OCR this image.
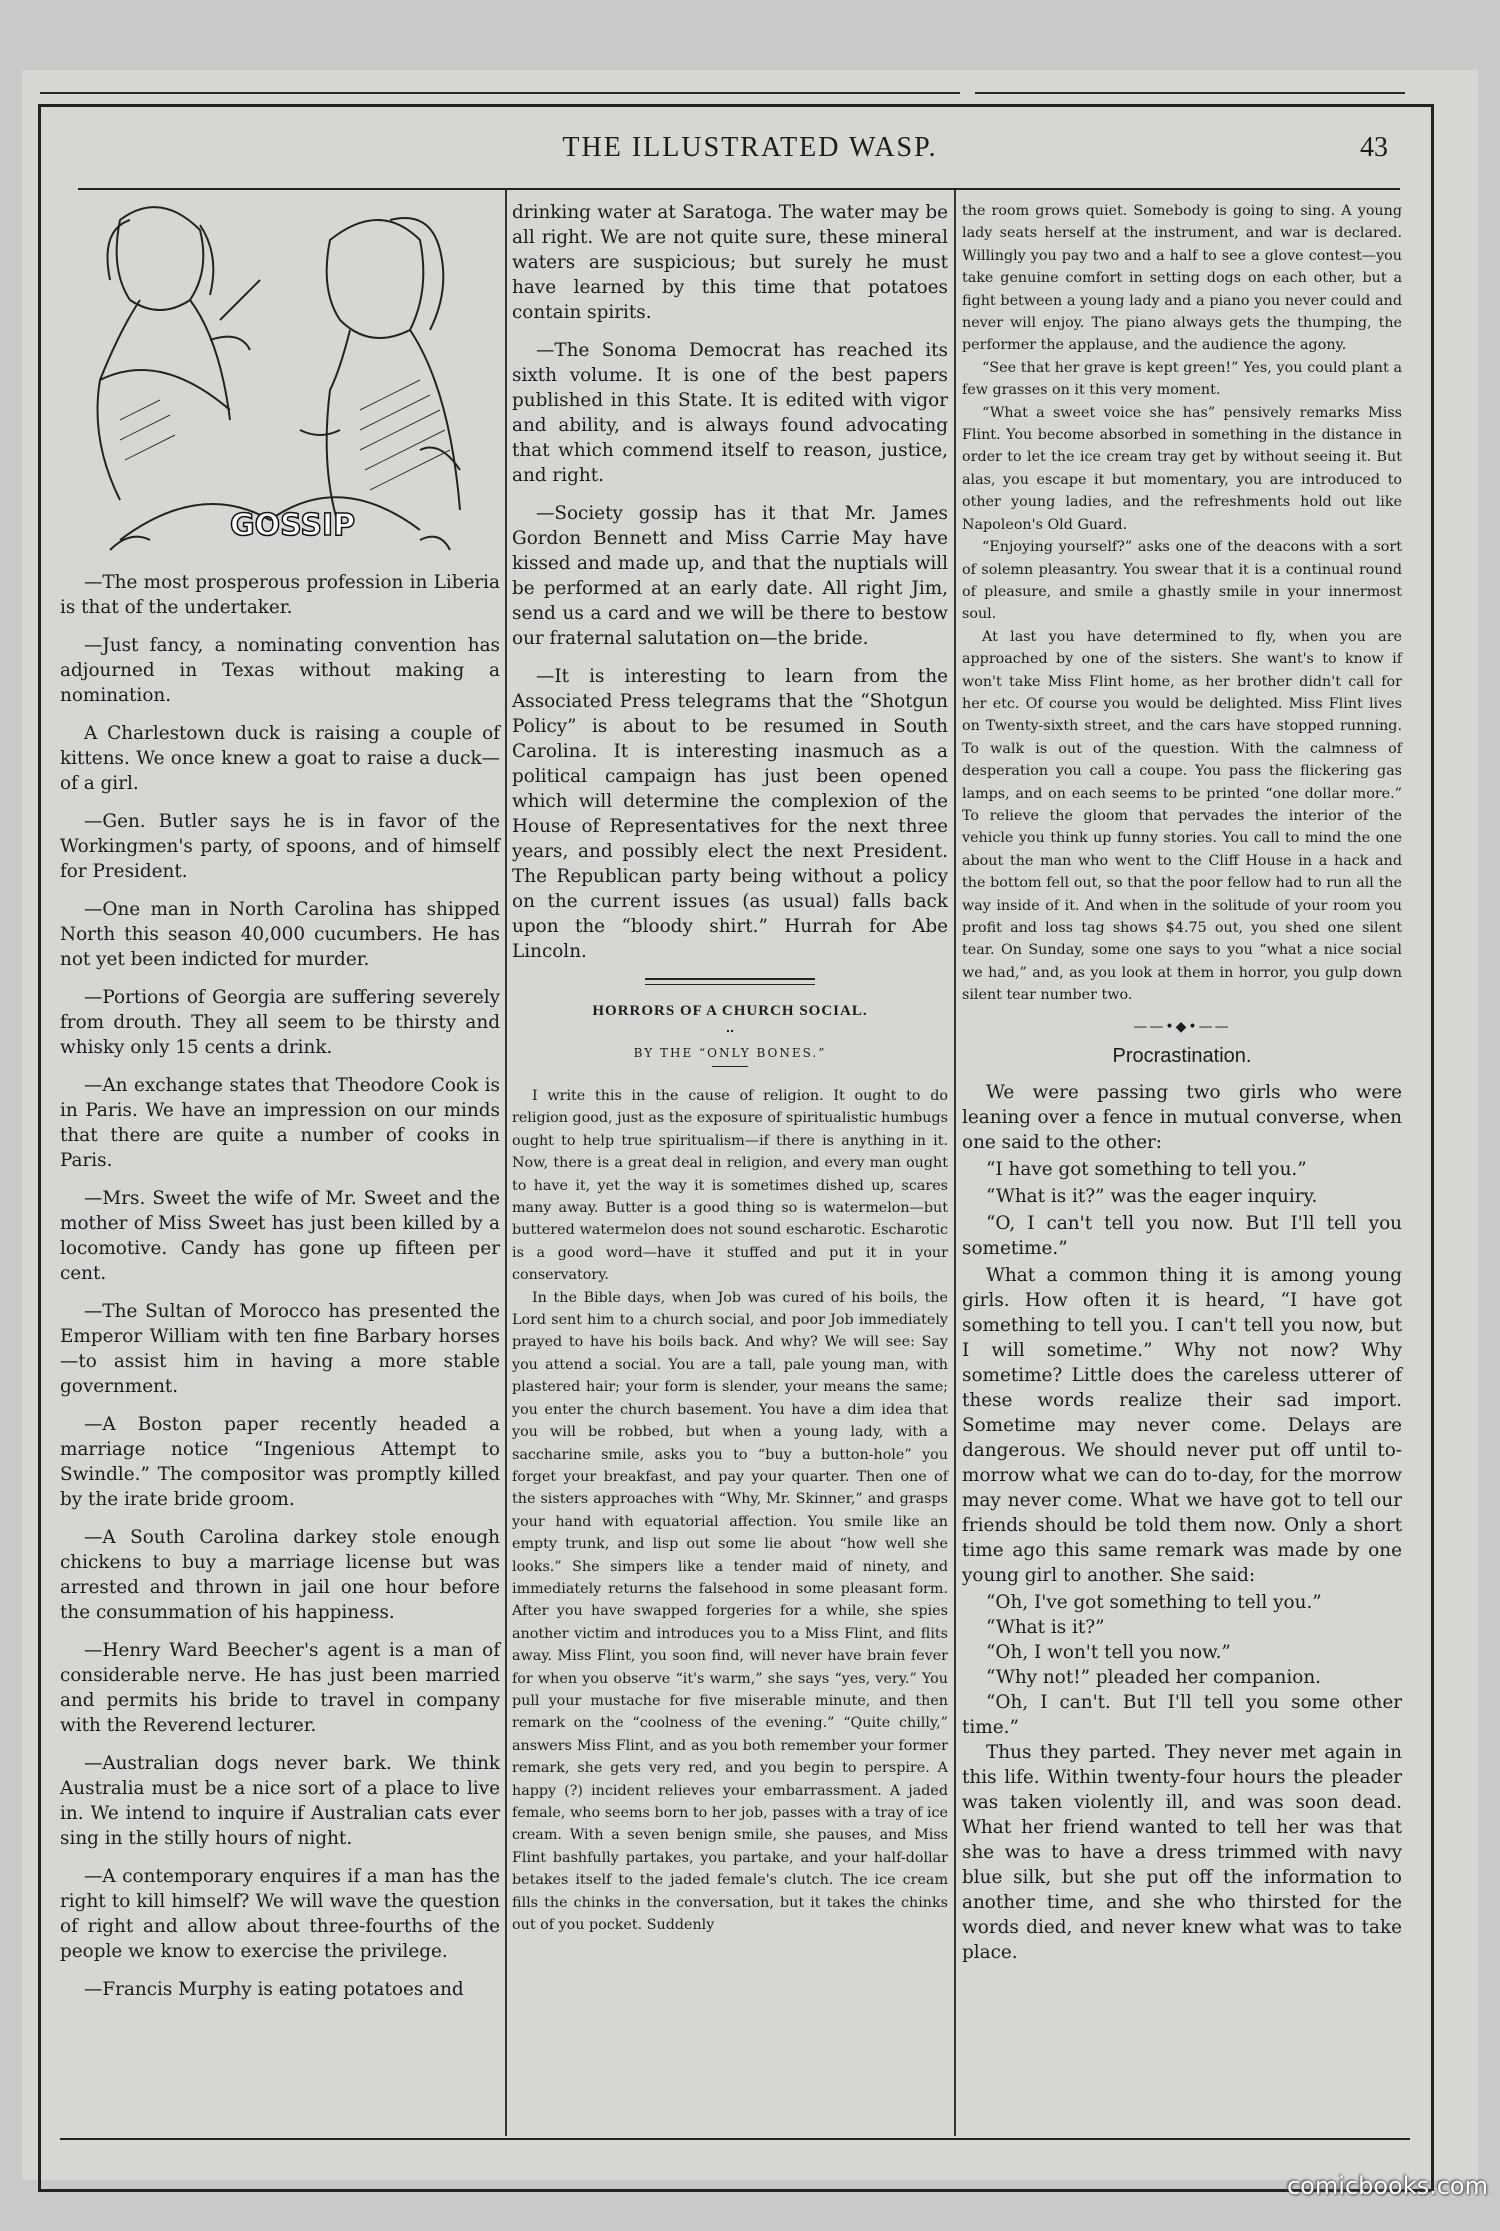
THE ILLUSTRATED WASP.	43
GOSSIP

—The most prosperous profession in Liberia is that of the undertaker.

—Just fancy, a nominating convention has adjourned in Texas without making a nomination.

A Charlestown duck is raising a couple of kittens. We once knew a goat to raise a duck—of a girl.

—Gen. Butler says he is in favor of the Workingmen's party, of spoons, and of himself for President.

—One man in North Carolina has shipped North this season 40,000 cucumbers. He has not yet been indicted for murder.

—Portions of Georgia are suffering severely from drouth. They all seem to be thirsty and whisky only 15 cents a drink.

—An exchange states that Theodore Cook is in Paris. We have an impression on our minds that there are quite a number of cooks in Paris.

—Mrs. Sweet the wife of Mr. Sweet and the mother of Miss Sweet has just been killed by a locomotive. Candy has gone up fifteen per cent.

—The Sultan of Morocco has presented the Emperor William with ten fine Barbary horses—to assist him in having a more stable government.

—A Boston paper recently headed a marriage notice “Ingenious Attempt to Swindle.” The compositor was promptly killed by the irate bride groom.

—A South Carolina darkey stole enough chickens to buy a marriage license but was arrested and thrown in jail one hour before the consummation of his happiness.

—Henry Ward Beecher's agent is a man of considerable nerve. He has just been married and permits his bride to travel in company with the Reverend lecturer.

—Australian dogs never bark. We think Australia must be a nice sort of a place to live in. We intend to inquire if Australian cats ever sing in the stilly hours of night.

—A contemporary enquires if a man has the right to kill himself? We will wave the question of right and allow about three-fourths of the people we know to exercise the privilege.

—Francis Murphy is eating potatoes and

drinking water at Saratoga. The water may be all right. We are not quite sure, these mineral waters are suspicious; but surely he must have learned by this time that potatoes contain spirits.

—The Sonoma Democrat has reached its sixth volume. It is one of the best papers published in this State. It is edited with vigor and ability, and is always found advocating that which commend itself to reason, justice, and right.

—Society gossip has it that Mr. James Gordon Bennett and Miss Carrie May have kissed and made up, and that the nuptials will be performed at an early date. All right Jim, send us a card and we will be there to bestow our fraternal salutation on—the bride.

—It is interesting to learn from the Associated Press telegrams that the “Shotgun Policy” is about to be resumed in South Carolina. It is interesting inasmuch as a political campaign has just been opened which will determine the complexion of the House of Representatives for the next three years, and possibly elect the next President. The Republican party being without a policy on the current issues (as usual) falls back upon the “bloody shirt.” Hurrah for Abe Lincoln.

HORRORS OF A CHURCH SOCIAL.
BY THE “ONLY BONES.”

I write this in the cause of religion. It ought to do religion good, just as the exposure of spiritualistic humbugs ought to help true spiritualism—if there is anything in it. Now, there is a great deal in religion, and every man ought to have it, yet the way it is sometimes dished up, scares many away. Butter is a good thing so is watermelon—but buttered watermelon does not sound escharotic. Escharotic is a good word—have it stuffed and put it in your conservatory.

In the Bible days, when Job was cured of his boils, the Lord sent him to a church social, and poor Job immediately prayed to have his boils back. And why? We will see: Say you attend a social. You are a tall, pale young man, with plastered hair; your form is slender, your means the same; you enter the church basement. You have a dim idea that you will be robbed, but when a young lady, with a saccharine smile, asks you to “buy a button-hole” you forget your breakfast, and pay your quarter. Then one of the sisters approaches with “Why, Mr. Skinner,” and grasps your hand with equatorial affection. You smile like an empty trunk, and lisp out some lie about “how well she looks.” She simpers like a tender maid of ninety, and immediately returns the falsehood in some pleasant form. After you have swapped forgeries for a while, she spies another victim and introduces you to a Miss Flint, and flits away. Miss Flint, you soon find, will never have brain fever for when you observe “it's warm,” she says “yes, very.” You pull your mustache for five miserable minute, and then remark on the “coolness of the evening.” “Quite chilly,” answers Miss Flint, and as you both remember your former remark, she gets very red, and you begin to perspire. A happy (?) incident relieves your embarrassment. A jaded female, who seems born to her job, passes with a tray of ice cream. With a seven benign smile, she pauses, and Miss Flint bashfully partakes, you partake, and your half-dollar betakes itself to the jaded female's clutch. The ice cream fills the chinks in the conversation, but it takes the chinks out of you pocket. Suddenly

the room grows quiet. Somebody is going to sing. A young lady seats herself at the instrument, and war is declared. Willingly you pay two and a half to see a glove contest—you take genuine comfort in setting dogs on each other, but a fight between a young lady and a piano you never could and never will enjoy. The piano always gets the thumping, the performer the applause, and the audience the agony.

“See that her grave is kept green!” Yes, you could plant a few grasses on it this very moment.

“What a sweet voice she has” pensively remarks Miss Flint. You become absorbed in something in the distance in order to let the ice cream tray get by without seeing it. But alas, you escape it but momentary, you are introduced to other young ladies, and the refreshments hold out like Napoleon's Old Guard.

“Enjoying yourself?” asks one of the deacons with a sort of solemn pleasantry. You swear that it is a continual round of pleasure, and smile a ghastly smile in your innermost soul.

At last you have determined to fly, when you are approached by one of the sisters. She want's to know if won't take Miss Flint home, as her brother didn't call for her etc. Of course you would be delighted. Miss Flint lives on Twenty-sixth street, and the cars have stopped running. To walk is out of the question. With the calmness of desperation you call a coupe. You pass the flickering gas lamps, and on each seems to be printed “one dollar more.” To relieve the gloom that pervades the interior of the vehicle you think up funny stories. You call to mind the one about the man who went to the Cliff House in a hack and the bottom fell out, so that the poor fellow had to run all the way inside of it. And when in the solitude of your room you profit and loss tag shows $4.75 out, you shed one silent tear. On Sunday, some one says to you “what a nice social we had,” and, as you look at them in horror, you gulp down silent tear number two.

——•◆•——
Procrastination.

We were passing two girls who were leaning over a fence in mutual converse, when one said to the other:

“I have got something to tell you.”

“What is it?” was the eager inquiry.

“O, I can't tell you now. But I'll tell you sometime.”

What a common thing it is among young girls. How often it is heard, “I have got something to tell you. I can't tell you now, but I will sometime.” Why not now? Why sometime? Little does the careless utterer of these words realize their sad import. Sometime may never come. Delays are dangerous. We should never put off until to-morrow what we can do to-day, for the morrow may never come. What we have got to tell our friends should be told them now. Only a short time ago this same remark was made by one young girl to another. She said:

“Oh, I've got something to tell you.”

“What is it?”

“Oh, I won't tell you now.”

“Why not!” pleaded her companion.

“Oh, I can't. But I'll tell you some other time.”

Thus they parted. They never met again in this life. Within twenty-four hours the pleader was taken violently ill, and was soon dead. What her friend wanted to tell her was that she was to have a dress trimmed with navy blue silk, but she put off the information to another time, and she who thirsted for the words died, and never knew what was to take place.

comicbooks.com
